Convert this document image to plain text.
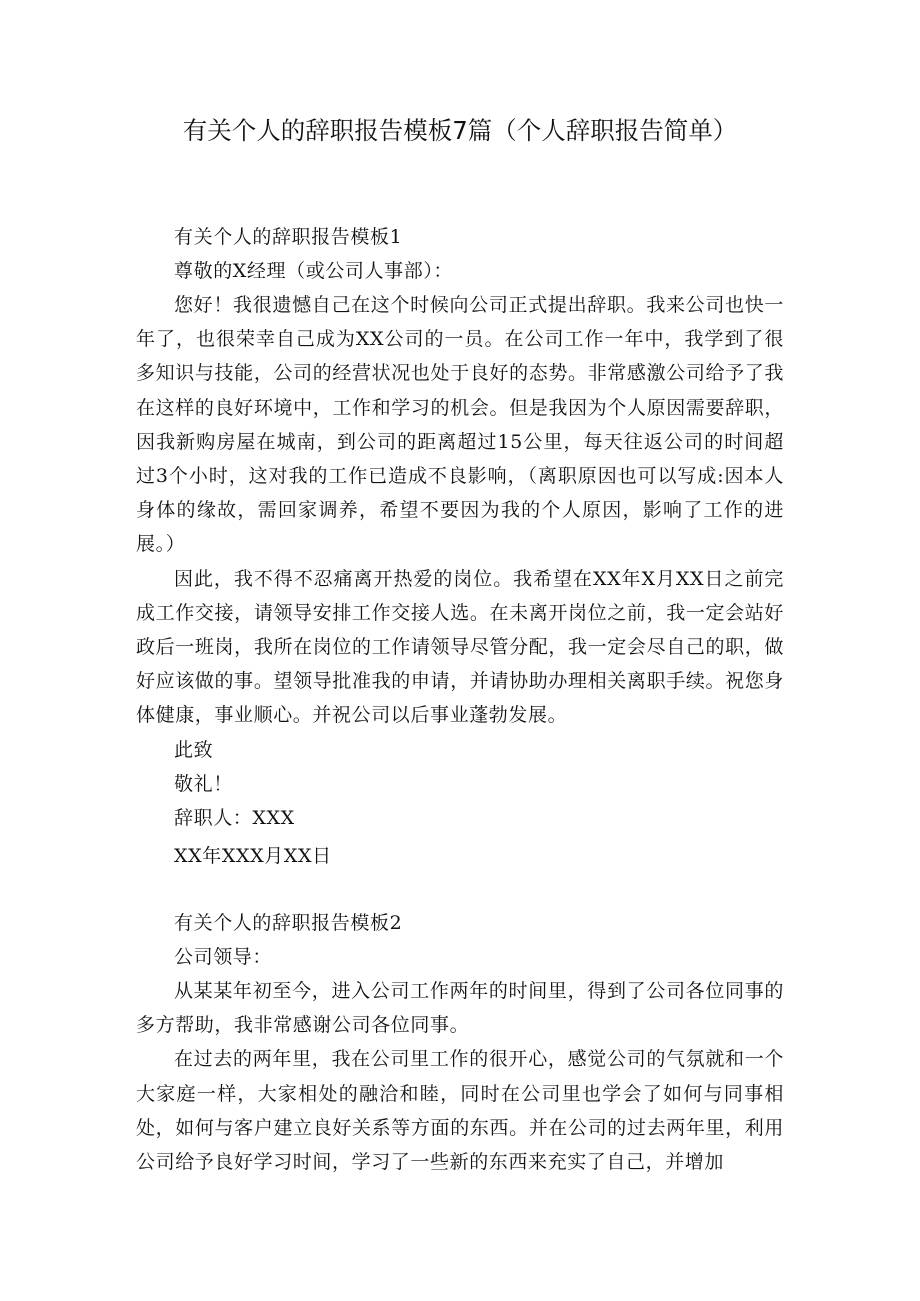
有关个人的辞职报告模板7篇（个人辞职报告简单）

有关个人的辞职报告模板1

尊敬的X经理（或公司人事部）：

您好！我很遗憾自己在这个时候向公司正式提出辞职。我来公司也快一年了，也很荣幸自己成为XX公司的一员。在公司工作一年中，我学到了很多知识与技能，公司的经营状况也处于良好的态势。非常感激公司给予了我在这样的良好环境中，工作和学习的机会。但是我因为个人原因需要辞职，因我新购房屋在城南，到公司的距离超过15公里，每天往返公司的时间超过3个小时，这对我的工作已造成不良影响，（离职原因也可以写成:因本人身体的缘故，需回家调养，希望不要因为我的个人原因，影响了工作的进展。）

因此，我不得不忍痛离开热爱的岗位。我希望在XX年X月XX日之前完成工作交接，请领导安排工作交接人选。在未离开岗位之前，我一定会站好政后一班岗，我所在岗位的工作请领导尽管分配，我一定会尽自己的职，做好应该做的事。望领导批准我的申请，并请协助办理相关离职手续。祝您身体健康，事业顺心。并祝公司以后事业蓬勃发展。

此致

敬礼！

辞职人：XXX

XX年XXX月XX日

有关个人的辞职报告模板2

公司领导：

从某某年初至今，进入公司工作两年的时间里，得到了公司各位同事的多方帮助，我非常感谢公司各位同事。

在过去的两年里，我在公司里工作的很开心，感觉公司的气氛就和一个大家庭一样，大家相处的融洽和睦，同时在公司里也学会了如何与同事相处，如何与客户建立良好关系等方面的东西。并在公司的过去两年里，利用公司给予良好学习时间，学习了一些新的东西来充实了自己，并增加
